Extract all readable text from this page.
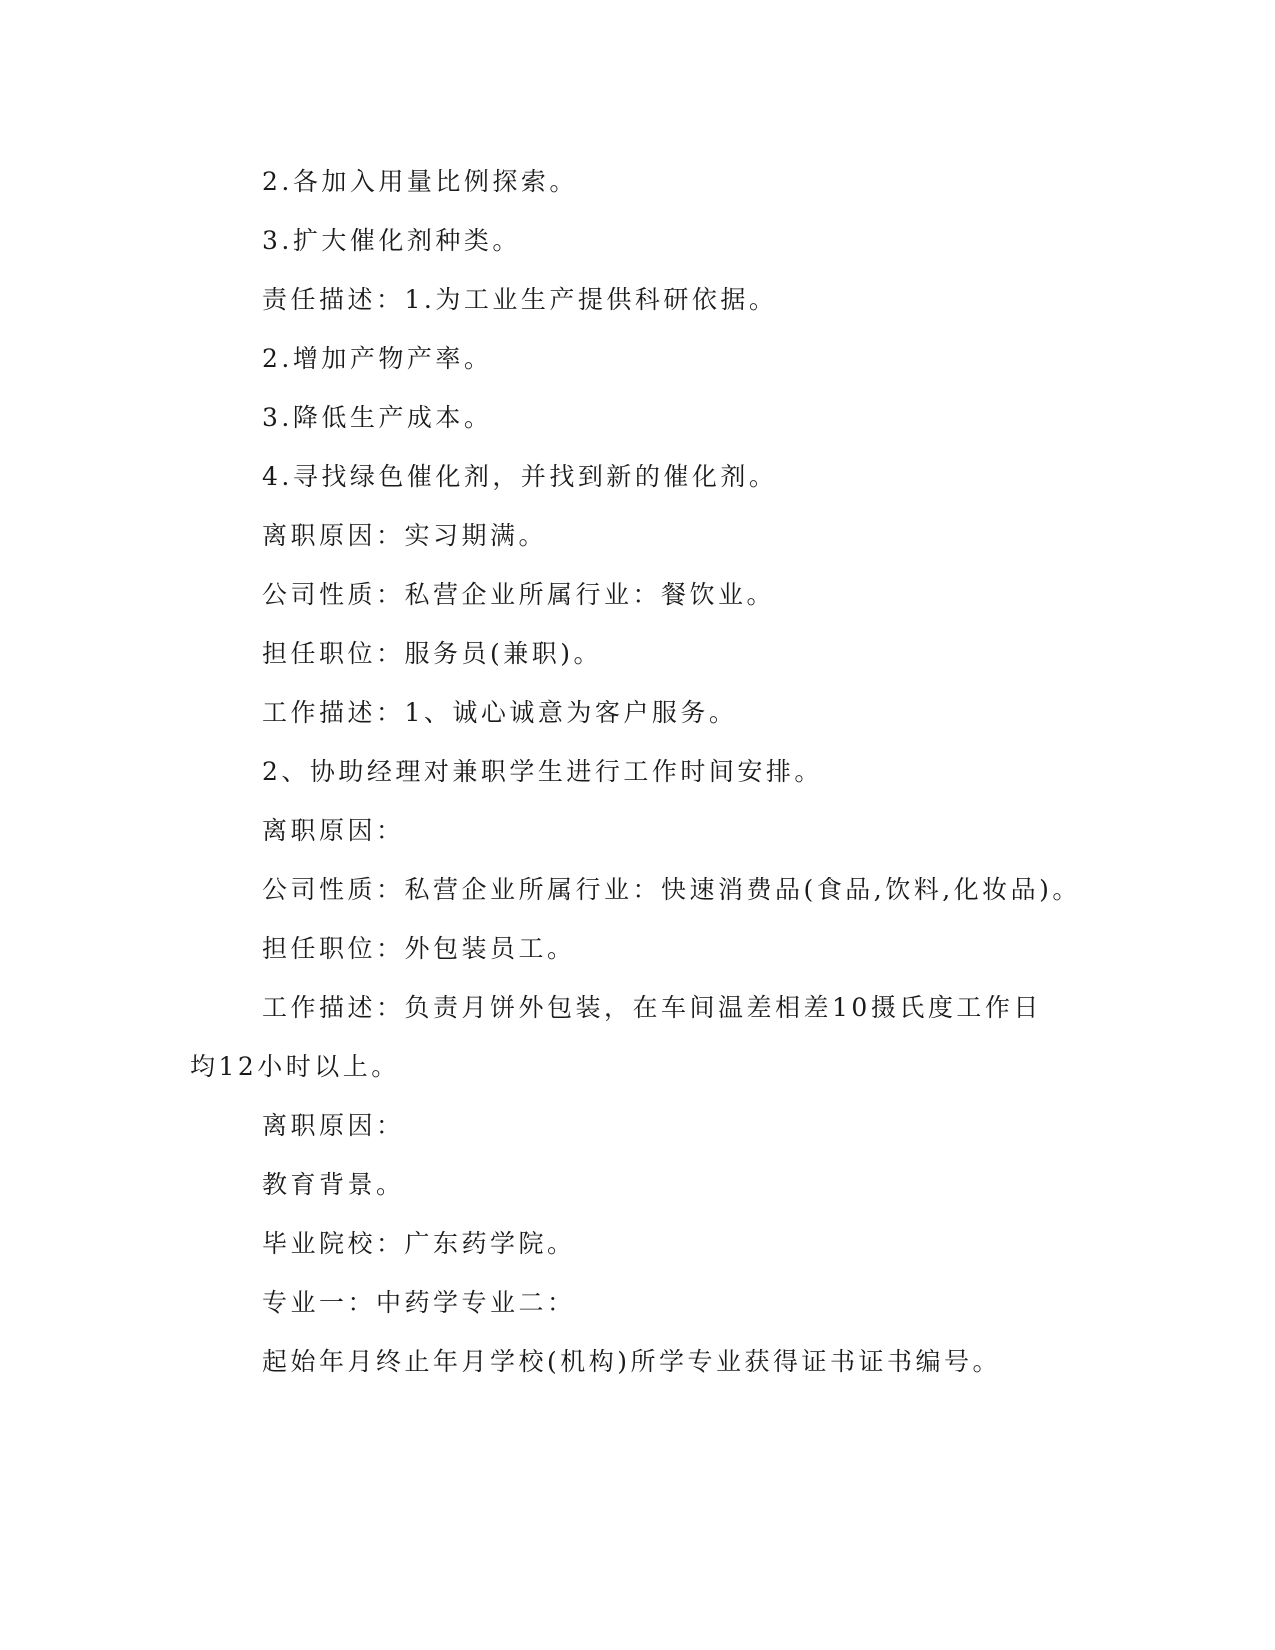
2.各加入用量比例探索。
3.扩大催化剂种类。
责任描述：1.为工业生产提供科研依据。
2.增加产物产率。
3.降低生产成本。
4.寻找绿色催化剂，并找到新的催化剂。
离职原因：实习期满。
公司性质：私营企业所属行业：餐饮业。
担任职位：服务员(兼职)。
工作描述：1、诚心诚意为客户服务。
2、协助经理对兼职学生进行工作时间安排。
离职原因：
公司性质：私营企业所属行业：快速消费品(食品,饮料,化妆品)。
担任职位：外包装员工。
工作描述：负责月饼外包装，在车间温差相差10摄氏度工作日
均12小时以上。
离职原因：
教育背景。
毕业院校：广东药学院。
专业一：中药学专业二：
起始年月终止年月学校(机构)所学专业获得证书证书编号。
